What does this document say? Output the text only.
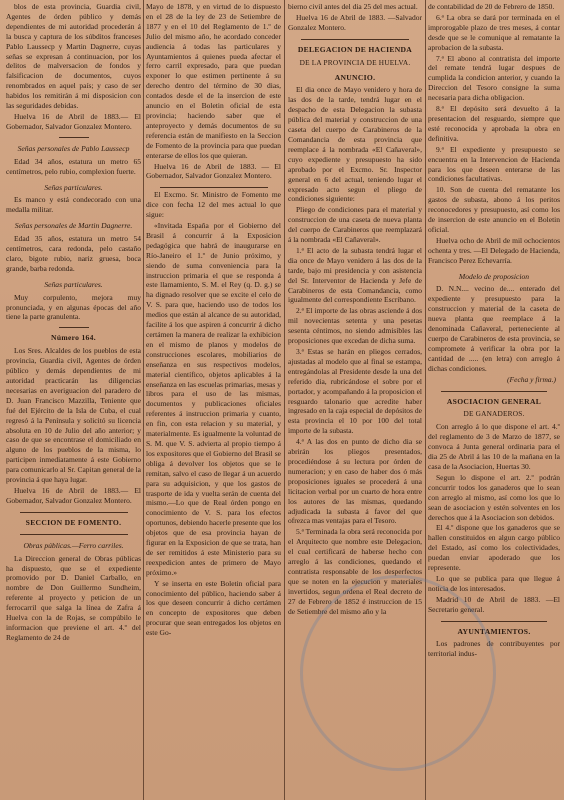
blos de esta provincia, Guardia civil, Agentes de órden público y demás dependientes de mi autoridad procederán á la busca y captura de los súbditos franceses Pablo Laussecp y Martin Dagnerre, cuyas señas se expresan á continuacion, por los delitos de malversacion de fondos y falsificacion de documentos, cuyos renombrados en aquel país; y caso de ser habidos los remitirán á mi disposicion con las seguridades debidas.

Huelva 16 de Abril de 1883.— El Gobernador, Salvador Gonzalez Montero.

Señas personales de Pablo Laussecp

Edad 34 años, estatura un metro 65 centímetros, pelo rubio, complexion fuerte.

Señas particulares.

Es manco y está condecorado con una medalla militar.

Señas personales de Martin Dagnerre.

Edad 35 años, estatura un metro 54 centímetros, cara redonda, pelo castaño claro, bigote rubio, nariz gruesa, boca grande, barba redonda.

Señas particulares.

Muy corpulento, mejora muy pronunciada, y en algunas épocas del año tiene la parte granulenta.

Número 164.

Los Sres. Alcaldes de los pueblos de esta provincia, Guardia civil, Agentes de órden público y demás dependientes de mi autoridad practicarán las diligencias necesarias en averiguacion del paradero de D. Juan Francisco Mazzilla, Teniente que fué del Ejército de la Isla de Cuba, el cual regresó á la Península y solicitó su licencia absoluta en 10 de Julio del año anterior; y caso de que se encontrase el domiciliado en alguno de los pueblos de la misma, lo participen inmediatamente á este Gobierno para comunicarlo al Sr. Capitan general de la provincia á que haya lugar.

Huelva 16 de Abril de 1883.— El Gobernador, Salvador Gonzalez Montero.

SECCION DE FOMENTO.

Obras públicas.—Ferro carriles.

La Direccion general de Obras públicas ha dispuesto, que se el expediente promovido por D. Daniel Carballo, en nombre de Don Guillermo Sundheim, referente al proyecto y peticion de un ferrocarril que salga la línea de Zafra á Huelva con la de Rojas, se compúbilo le informacion que previene el art. 4.º del Reglamento de 24 de

Mayo de 1878, y en virtud de lo dispuesto en el 28 de la ley de 23 de Setiembre de 1877 y en el 10 del Reglamento de 1.º de Julio del mismo año, he acordado conceder audiencia á todas las particulares y Ayuntamientos á quienes pueda afectar el ferro carril expresado, para que puedan exponer lo que estimen pertinente á su derecho dentro del término de 30 dias, contados desde el de la insercion de este anuncio en el Boletin oficial de esta provincia; haciendo saber que el anteproyecto y demás documentos de su referencia están de manifiesto en la Seccion de Fomento de la provincia para que puedan enterarse de ellos los que quieran.

Huelva 16 de Abril de 1883. — El Gobernador, Salvador Gonzalez Montero.

El Excmo. Sr. Ministro de Fomento me dice con fecha 12 del mes actual lo que sigue:

«Invitada España por el Gobierno del Brasil á concurrir á la Exposicion pedagógica que habrá de inaugurarse en Río-Janeiro el 1.º de Junio próximo, y siendo de suma conveniencia para la instruccion primaria el que se responda á este llamamiento, S. M. el Rey (q. D. g.) se ha dignado resolver que se excite el celo de V. S. para que, haciendo uso de todos los medios que están al alcance de su autoridad, facilite á los que aspiren á concurrir á dicho certámen la manera de realizar la exhibicion en el mismo de planos y modelos de construcciones escolares, mobiliarios de enseñanza en sus respectivos modelos, material científico, objetos aplicables á la enseñanza en las escuelas primarias, mesas y libros para el uso de las mismas, documentos y publicaciones oficiales referentes á instruccion primaria y cuanto, en fin, con esta relacion y su material, y materialmente. Es igualmente la voluntad de S. M. que V. S. advierta al propio tiempo á los expositores que el Gobierno del Brasil se obliga á devolver los objetos que se le remitan, salvo el caso de llegar á un acuerdo para su adquisicion, y que los gastos de trasporte de ida y vuelta serán de cuenta del mismo.—Lo que de Real órden pongo en conocimiento de V. S. para los efectos oportunos, debiendo hacerle presente que los objetos que de esa provincia hayan de figurar en la Exposicion de que se trata, han de ser remitidos á este Ministerio para su reexpedicion antes de primero de Mayo próximo.»

Y se inserta en este Boletin oficial para conocimiento del público, haciendo saber á los que deseen concurrir á dicho certámen en concepto de expositores que deben procurar que sean entregados los objetos en este Go-

bierno civil antes del dia 25 del mes actual.

Huelva 16 de Abril de 1883. —Salvador Gonzalez Montero.

DELEGACION DE HACIENDA

DE LA PROVINCIA DE HUELVA.

ANUNCIO.

El dia once de Mayo venidero y hora de las dos de la tarde, tendrá lugar en el despacho de esta Delegacion la subasta pública del material y construccion de una caseta del cuerpo de Carabineros de la Comandancia de esta provincia que reemplace á la nombrada «El Cañaveral», cuyo expediente y presupuesto ha sido aprobado por el Excmo. Sr. Inspector general en 6 del actual, teniendo lugar el expresado acto segun el pliego de condiciones siguiente:

Pliego de condiciones para el material y construccion de una caseta de nueva planta del cuerpo de Carabineros que reemplazará á la nombrada «El Cañaveral».

1.ª El acto de la subasta tendrá lugar el dia once de Mayo venidero á las dos de la tarde, bajo mi presidencia y con asistencia del Sr. Interventor de Hacienda y Jefe de Carabineros de esta Comandancia, como igualmente del correspondiente Escribano.

2.ª El importe de las obras asciende á dos mil novecientas setenta y una pesetas sesenta céntimos, no siendo admisibles las proposiciones que excedan de dicha suma.

3.ª Estas se harán en pliegos cerrados, ajustadas al modelo que al final se estampa, entregándolas al Presidente desde la una del referido dia, rubricándose el sobre por el portador, y acompañando á la proposicion el resguardo talonario que acredite haber ingresado en la caja especial de depósitos de esta provincia el 10 por 100 del total importe de la subasta.

4.ª A las dos en punto de dicho dia se abrirán los pliegos presentados, procediéndose á su lectura por órden de numeracion; y en caso de haber dos ó más proposiciones iguales se procederá á una licitacion verbal por un cuarto de hora entre los autores de las mismas, quedando adjudicada la subasta á favor del que ofrezca mas ventajas para el Tesoro.

5.ª Terminada la obra será reconocida por el Arquitecto que nombre este Delegacion, el cual certificará de haberse hecho con arreglo á las condiciones, quedando el contratista responsable de los desperfectos que se noten en la ejecucion y materiales invertidos, segun ordena el Real decreto de 27 de Febrero de 1852 é instruccion de 15 de Setiembre del mismo año y la

de contabilidad de 20 de Febrero de 1850.

6.ª La obra se dará por terminada en el improrogable plazo de tres meses, á contar desde que se le comunique al rematante la aprobacion de la subasta.

7.ª El abono al contratista del importe del remate tendrá lugar despues de cumplida la condicion anterior, y cuando la Direccion del Tesoro consigne la suma necesaria para dicha obligacion.

8.ª El depósito será devuelto á la presentacion del resguardo, siempre que esté reconocida y aprobada la obra en definitiva.

9.ª El expediente y presupuesto se encuentra en la Intervencion de Hacienda para los que deseen enterarse de las condiciones facultativas.

10. Son de cuenta del rematante los gastos de subasta, abono á los peritos reconocedores y presupuesto, así como los de insercion de este anuncio en el Boletin oficial.

Huelva ocho de Abril de mil ochocientos ochenta y tres. —El Delegado de Hacienda, Francisco Perez Echevarría.

Modelo de proposicion

D. N.N.... vecino de.... enterado del expediente y presupuesto para la construccion y material de la caseta de nueva planta que reemplace á la denominada Cañaveral, perteneciente al cuerpo de Carabineros de esta provincia, se compromete á verificar la obra por la cantidad de ..... (en letra) con arreglo á dichas condiciones.

(Fecha y firma.)

ASOCIACION GENERAL

DE GANADEROS.

Con arreglo á lo que dispone el art. 4.º del reglamento de 3 de Marzo de 1877, se convoca á Junta general ordinaria para el dia 25 de Abril á las 10 de la mañana en la casa de la Asociacion, Huertas 30.

Segun lo dispone el art. 2.º podrán concurrir todos los ganaderos que lo sean con arreglo al mismo, así como los que lo sean de asociacion y estén solventes en los derechos que á la Asociacion son debidos.

El 4.º dispone que los ganaderos que se hallen constituidos en algun cargo público del Estado, así como los colectividades, puedan enviar apoderado que los represente.

Lo que se publica para que llegue á noticia de los interesados.

Madrid 10 de Abril de 1883. —El Secretario general.

AYUNTAMIENTOS.

Los padrones de contribuyentes por territorial indus-
